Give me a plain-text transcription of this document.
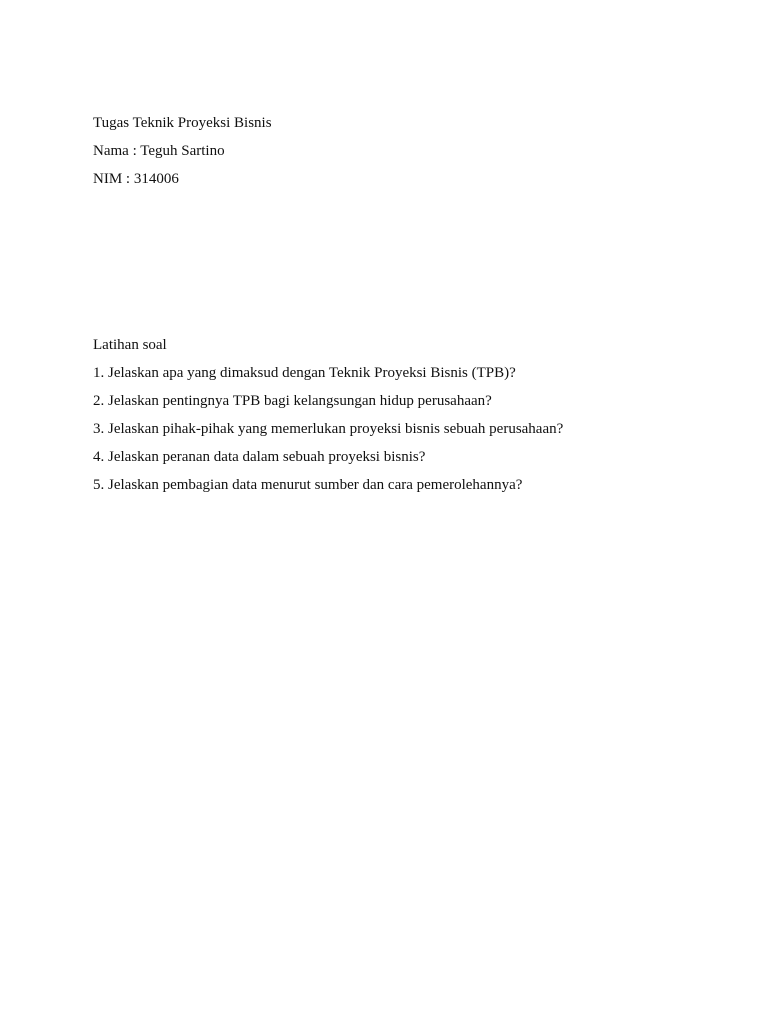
Tugas Teknik Proyeksi Bisnis

Nama : Teguh Sartino

NIM : 314006

Latihan soal

1. Jelaskan apa yang dimaksud dengan Teknik Proyeksi Bisnis (TPB)?
2. Jelaskan pentingnya TPB bagi kelangsungan hidup perusahaan?
3. Jelaskan pihak-pihak yang memerlukan proyeksi bisnis sebuah perusahaan?
4. Jelaskan peranan data dalam sebuah proyeksi bisnis?
5. Jelaskan pembagian data menurut sumber dan cara pemerolehannya?
